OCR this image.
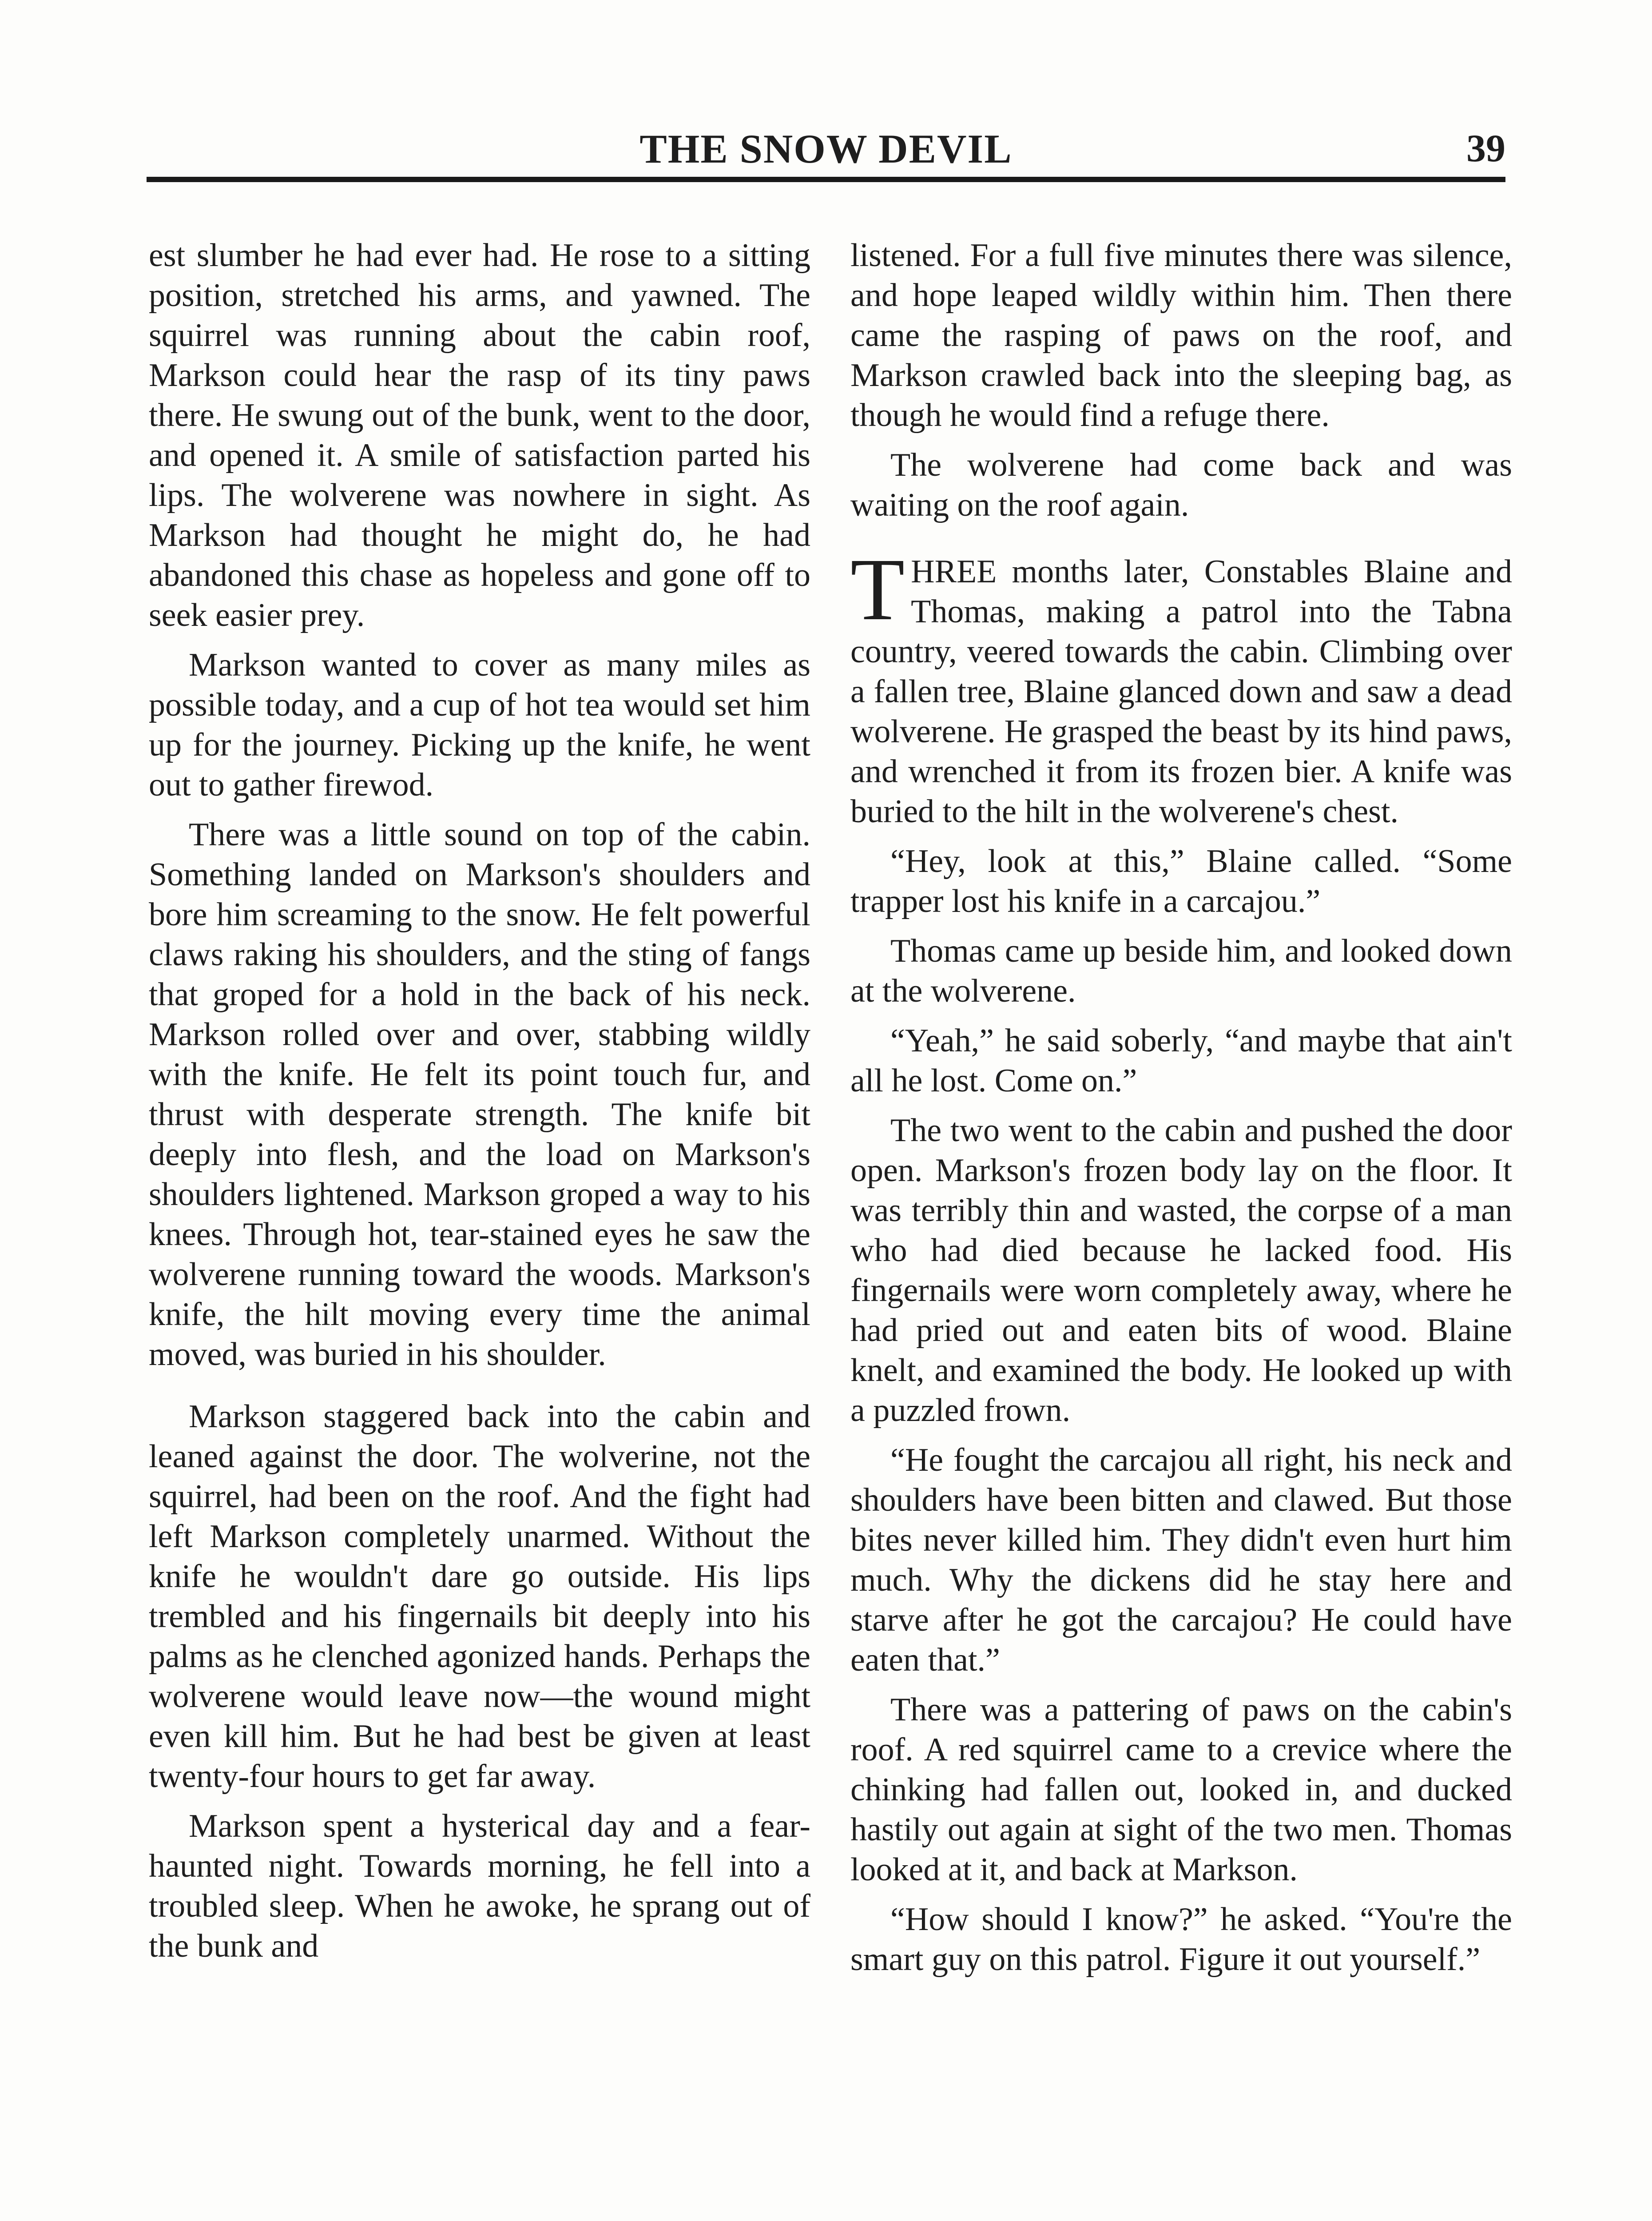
THE SNOW DEVIL	39

est slumber he had ever had. He rose to a sitting position, stretched his arms, and yawned. The squirrel was running about the cabin roof, Markson could hear the rasp of its tiny paws there. He swung out of the bunk, went to the door, and opened it. A smile of satisfaction parted his lips. The wolverene was nowhere in sight. As Markson had thought he might do, he had abandoned this chase as hopeless and gone off to seek easier prey.

Markson wanted to cover as many miles as possible today, and a cup of hot tea would set him up for the journey. Picking up the knife, he went out to gather firewod.

There was a little sound on top of the cabin. Something landed on Markson's shoulders and bore him screaming to the snow. He felt powerful claws raking his shoulders, and the sting of fangs that groped for a hold in the back of his neck. Markson rolled over and over, stabbing wildly with the knife. He felt its point touch fur, and thrust with desperate strength. The knife bit deeply into flesh, and the load on Markson's shoulders lightened. Markson groped a way to his knees. Through hot, tear-stained eyes he saw the wolverene running toward the woods. Markson's knife, the hilt moving every time the animal moved, was buried in his shoulder.

Markson staggered back into the cabin and leaned against the door. The wolverine, not the squirrel, had been on the roof. And the fight had left Markson completely unarmed. Without the knife he wouldn't dare go outside. His lips trembled and his fingernails bit deeply into his palms as he clenched agonized hands. Perhaps the wolverene would leave now—the wound might even kill him. But he had best be given at least twenty-four hours to get far away.

Markson spent a hysterical day and a fear-haunted night. Towards morning, he fell into a troubled sleep. When he awoke, he sprang out of the bunk and

listened. For a full five minutes there was silence, and hope leaped wildly within him. Then there came the rasping of paws on the roof, and Markson crawled back into the sleeping bag, as though he would find a refuge there.

The wolverene had come back and was waiting on the roof again.

THREE months later, Constables Blaine and Thomas, making a patrol into the Tabna country, veered towards the cabin. Climbing over a fallen tree, Blaine glanced down and saw a dead wolverene. He grasped the beast by its hind paws, and wrenched it from its frozen bier. A knife was buried to the hilt in the wolverene's chest.

“Hey, look at this,” Blaine called. “Some trapper lost his knife in a carcajou.”

Thomas came up beside him, and looked down at the wolverene.

“Yeah,” he said soberly, “and maybe that ain't all he lost. Come on.”

The two went to the cabin and pushed the door open. Markson's frozen body lay on the floor. It was terribly thin and wasted, the corpse of a man who had died because he lacked food. His fingernails were worn completely away, where he had pried out and eaten bits of wood. Blaine knelt, and examined the body. He looked up with a puzzled frown.

“He fought the carcajou all right, his neck and shoulders have been bitten and clawed. But those bites never killed him. They didn't even hurt him much. Why the dickens did he stay here and starve after he got the carcajou? He could have eaten that.”

There was a pattering of paws on the cabin's roof. A red squirrel came to a crevice where the chinking had fallen out, looked in, and ducked hastily out again at sight of the two men. Thomas looked at it, and back at Markson.

“How should I know?” he asked. “You're the smart guy on this patrol. Figure it out yourself.”
